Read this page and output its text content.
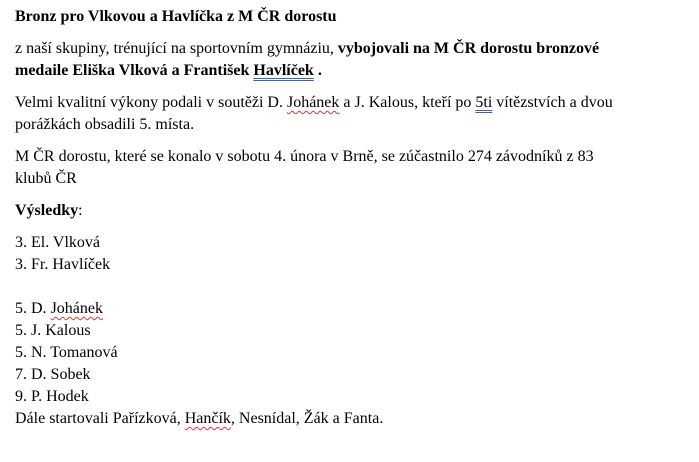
Bronz pro Vlkovou a Havlíčka z M ČR dorostu
z naší skupiny, trénující na sportovním gymnáziu, vybojovali na M ČR dorostu bronzové
medaile Eliška Vlková a František Havlíček .
Velmi kvalitní výkony podali v soutěži D. Johánek a J. Kalous, kteří po 5ti vítězstvích a dvou
porážkách obsadili 5. místa.
M ČR dorostu, které se konalo v sobotu 4. února v Brně, se zúčastnilo 274 závodníků z 83
klubů ČR
Výsledky:
3. El. Vlková
3. Fr. Havlíček
5. D. Johánek
5. J. Kalous
5. N. Tomanová
7. D. Sobek
9. P. Hodek
Dále startovali Pařízková, Hančík, Nesnídal, Žák a Fanta.
